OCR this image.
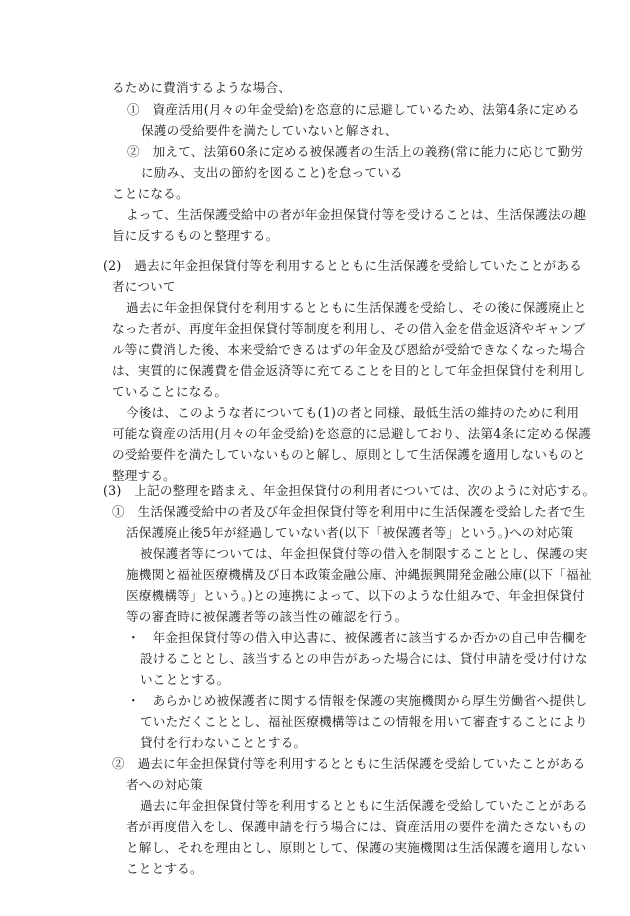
るために費消するような場合、
①　資産活用(月々の年金受給)を恣意的に忌避しているため、法第4条に定める
保護の受給要件を満たしていないと解され、
②　加えて、法第60条に定める被保護者の生活上の義務(常に能力に応じて勤労
に励み、支出の節約を図ること)を怠っている
ことになる。
よって、生活保護受給中の者が年金担保貸付等を受けることは、生活保護法の趣
旨に反するものと整理する。
(2)　過去に年金担保貸付等を利用するとともに生活保護を受給していたことがある
者について
過去に年金担保貸付を利用するとともに生活保護を受給し、その後に保護廃止と
なった者が、再度年金担保貸付等制度を利用し、その借入金を借金返済やギャンブ
ル等に費消した後、本来受給できるはずの年金及び恩給が受給できなくなった場合
は、実質的に保護費を借金返済等に充てることを目的として年金担保貸付を利用し
ていることになる。
今後は、このような者についても(1)の者と同様、最低生活の維持のために利用
可能な資産の活用(月々の年金受給)を恣意的に忌避しており、法第4条に定める保護
の受給要件を満たしていないものと解し、原則として生活保護を適用しないものと
整理する。
(3)　上記の整理を踏まえ、年金担保貸付の利用者については、次のように対応する。
①　生活保護受給中の者及び年金担保貸付等を利用中に生活保護を受給した者で生
活保護廃止後5年が経過していない者(以下「被保護者等」という。)への対応策
被保護者等については、年金担保貸付等の借入を制限することとし、保護の実
施機関と福祉医療機構及び日本政策金融公庫、沖縄振興開発金融公庫(以下「福祉
医療機構等」という。)との連携によって、以下のような仕組みで、年金担保貸付
等の審査時に被保護者等の該当性の確認を行う。
・　年金担保貸付等の借入申込書に、被保護者に該当するか否かの自己申告欄を
設けることとし、該当するとの申告があった場合には、貸付申請を受け付けな
いこととする。
・　あらかじめ被保護者に関する情報を保護の実施機関から厚生労働省へ提供し
ていただくこととし、福祉医療機構等はこの情報を用いて審査することにより
貸付を行わないこととする。
②　過去に年金担保貸付等を利用するとともに生活保護を受給していたことがある
者への対応策
過去に年金担保貸付等を利用するとともに生活保護を受給していたことがある
者が再度借入をし、保護申請を行う場合には、資産活用の要件を満たさないもの
と解し、それを理由とし、原則として、保護の実施機関は生活保護を適用しない
こととする。
